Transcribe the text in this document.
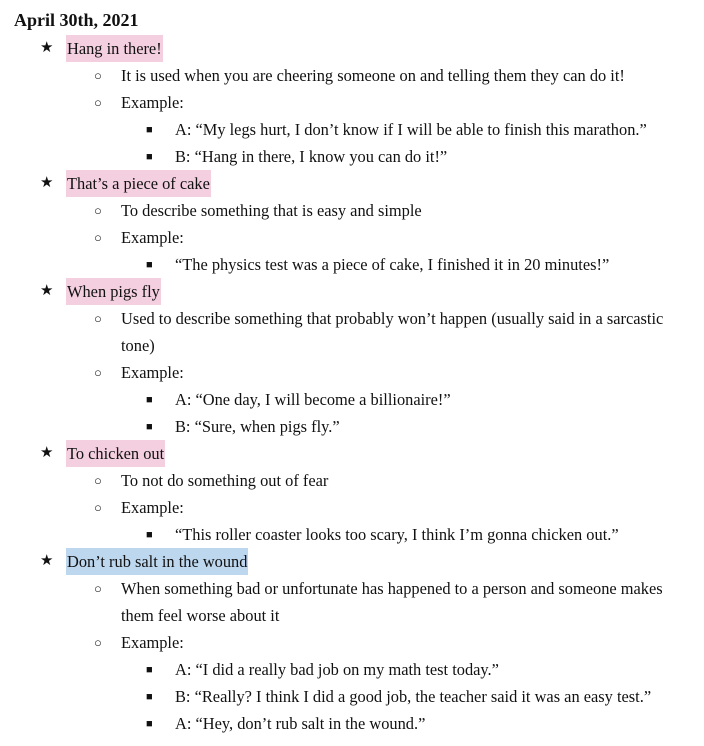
April 30th, 2021
★ Hang in there!
○ It is used when you are cheering someone on and telling them they can do it!
○ Example:
■ A: “My legs hurt, I don’t know if I will be able to finish this marathon.”
■ B: “Hang in there, I know you can do it!”
★ That’s a piece of cake
○ To describe something that is easy and simple
○ Example:
■ “The physics test was a piece of cake, I finished it in 20 minutes!”
★ When pigs fly
○ Used to describe something that probably won’t happen (usually said in a sarcastic tone)
○ Example:
■ A: “One day, I will become a billionaire!”
■ B: “Sure, when pigs fly.”
★ To chicken out
○ To not do something out of fear
○ Example:
■ “This roller coaster looks too scary, I think I’m gonna chicken out.”
★ Don’t rub salt in the wound
○ When something bad or unfortunate has happened to a person and someone makes them feel worse about it
○ Example:
■ A: “I did a really bad job on my math test today.”
■ B: “Really? I think I did a good job, the teacher said it was an easy test.”
■ A: “Hey, don’t rub salt in the wound.”
